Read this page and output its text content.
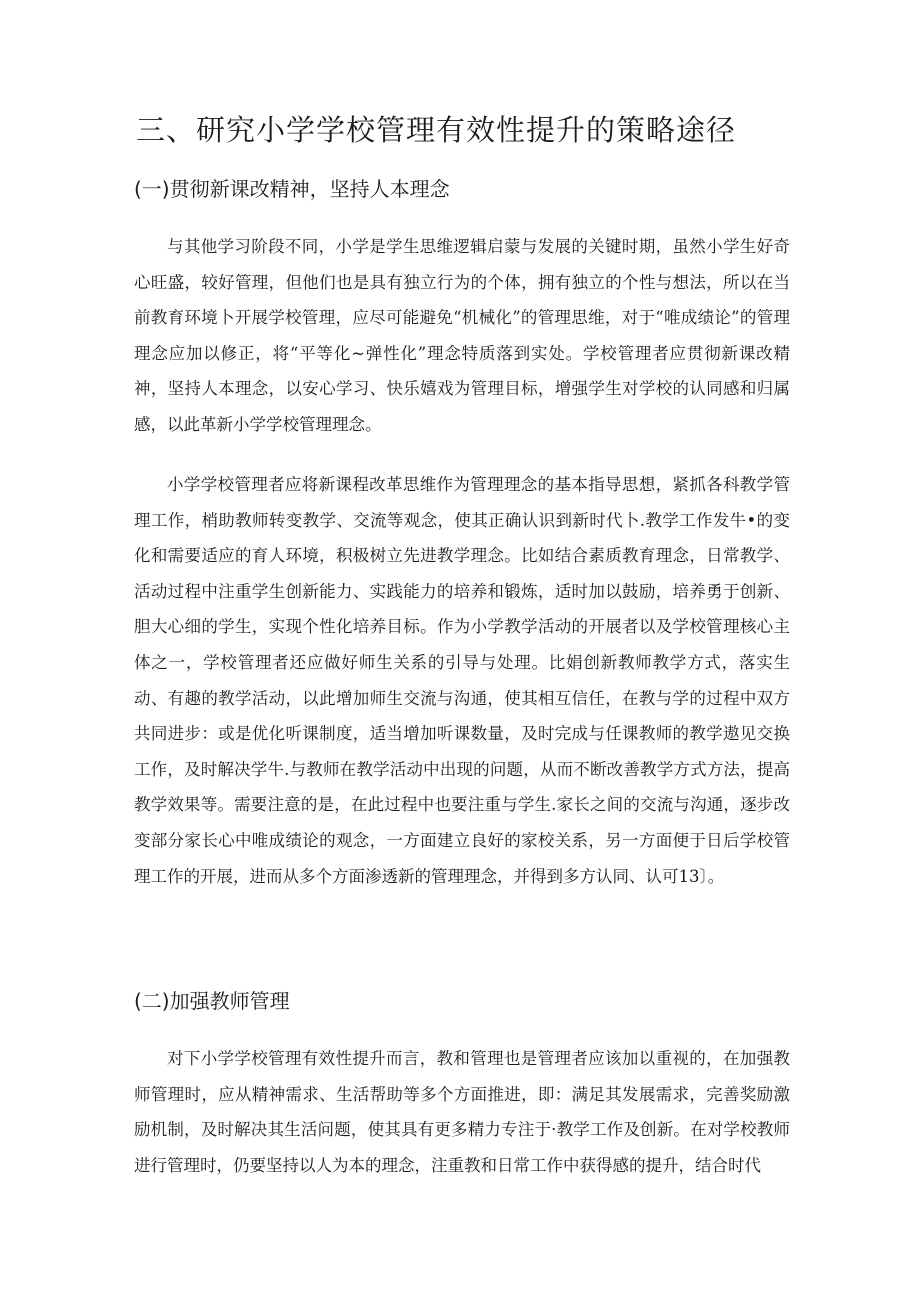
三、研究小学学校管理有效性提升的策略途径
(一)贯彻新课改精神，坚持人本理念

与其他学习阶段不同，小学是学生思维逻辑启蒙与发展的关键时期，虽然小学生好奇心旺盛，较好管理，但他们也是具有独立行为的个体，拥有独立的个性与想法，所以在当前教育环境卜开展学校管理，应尽可能避免“机械化”的管理思维，对于“唯成绩论”的管理理念应加以修正，将“平等化~弹性化”理念特质落到实处。学校管理者应贯彻新课改精神，坚持人本理念，以安心学习、快乐嬉戏为管理目标，增强学生对学校的认同感和归属感，以此革新小学学校管理理念。

小学学校管理者应将新课程改革思维作为管理理念的基本指导思想，紧抓各科教学管理工作，梢助教师转变教学、交流等观念，使其正确认识到新时代卜.教学工作发牛•的变化和需要适应的育人环境，积极树立先进教学理念。比如结合素质教育理念，日常教学、活动过程中注重学生创新能力、实践能力的培养和锻炼，适时加以鼓励，培养勇于创新、胆大心细的学生，实现个性化培养目标。作为小学教学活动的开展者以及学校管理核心主体之一，学校管理者还应做好师生关系的引导与处理。比娟创新教师教学方式，落实生动、有趣的教学活动，以此增加师生交流与沟通，使其相互信任，在教与学的过程中双方共同进步：或是优化听课制度，适当增加听课数量，及时完成与任课教师的教学遨见交换工作，及时解决学牛.与教师在教学活动中出现的问题，从而不断改善教学方式方法，提高教学效果等。需要注意的是，在此过程中也要注重与学生.家长之间的交流与沟通，逐步改变部分家长心中唯成绩论的观念，一方面建立良好的家校关系，另一方面便于日后学校管理工作的开展，进而从多个方面渗透新的管理理念，并得到多方认同、认可13〕。

(二)加强教师管理

对下小学学校管理有效性提升而言，教和管理也是管理者应该加以重视的，在加强教师管理时，应从精神需求、生活帮助等多个方面推进，即：满足其发展需求，完善奖励激励机制，及时解决其生活问题，使其具有更多精力专注于·教学工作及创新。在对学校教师进行管理时，仍要坚持以人为本的理念，注重教和日常工作中获得感的提升，结合时代
